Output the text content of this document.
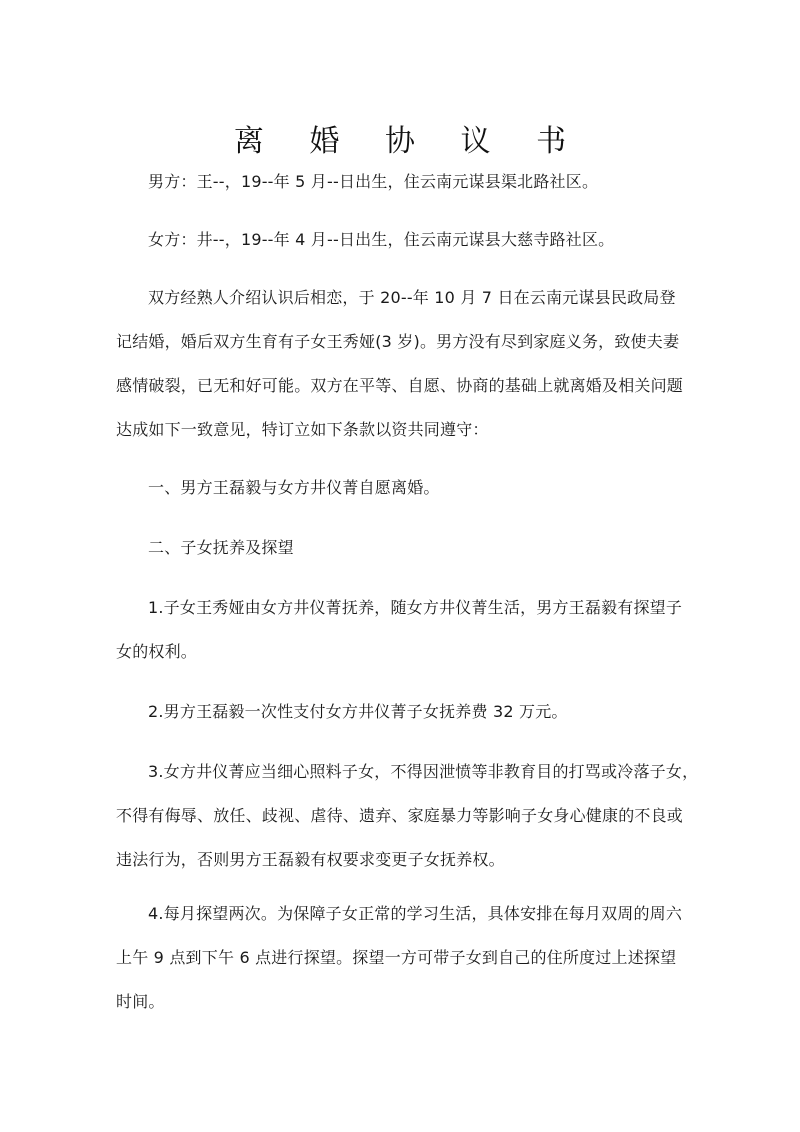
离 婚 协 议 书

男方：王--，19--年 5 月--日出生，住云南元谋县渠北路社区。

女方：井--，19--年 4 月--日出生，住云南元谋县大慈寺路社区。

双方经熟人介绍认识后相恋，于 20--年 10 月 7 日在云南元谋县民政局登
记结婚，婚后双方生育有子女王秀娅(3 岁)。男方没有尽到家庭义务，致使夫妻
感情破裂，已无和好可能。双方在平等、自愿、协商的基础上就离婚及相关问题
达成如下一致意见，特订立如下条款以资共同遵守：

一、男方王磊毅与女方井仪菁自愿离婚。

二、子女抚养及探望

1.子女王秀娅由女方井仪菁抚养，随女方井仪菁生活，男方王磊毅有探望子
女的权利。

2.男方王磊毅一次性支付女方井仪菁子女抚养费 32 万元。

3.女方井仪菁应当细心照料子女，不得因泄愤等非教育目的打骂或冷落子女，
不得有侮辱、放任、歧视、虐待、遗弃、家庭暴力等影响子女身心健康的不良或
违法行为，否则男方王磊毅有权要求变更子女抚养权。

4.每月探望两次。为保障子女正常的学习生活，具体安排在每月双周的周六
上午 9 点到下午 6 点进行探望。探望一方可带子女到自己的住所度过上述探望
时间。
